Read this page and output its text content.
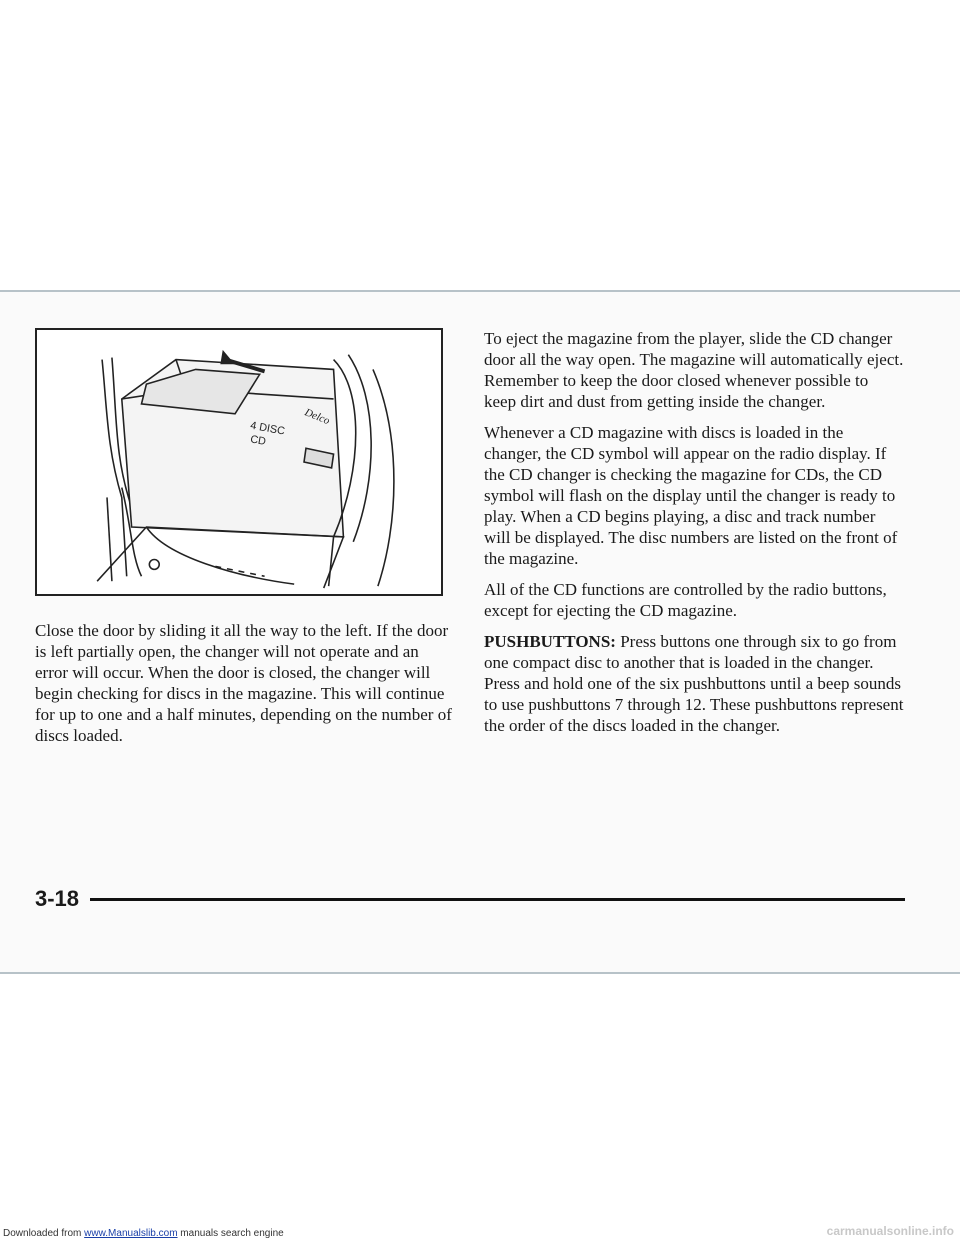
4 DISC
CD
Delco

Close the door by sliding it all the way to the left. If the door is left partially open, the changer will not operate and an error will occur. When the door is closed, the changer will begin checking for discs in the magazine. This will continue for up to one and a half minutes, depending on the number of discs loaded.

To eject the magazine from the player, slide the CD changer door all the way open. The magazine will automatically eject. Remember to keep the door closed whenever possible to keep dirt and dust from getting inside the changer.

Whenever a CD magazine with discs is loaded in the changer, the CD symbol will appear on the radio display. If the CD changer is checking the magazine for CDs, the CD symbol will flash on the display until the changer is ready to play. When a CD begins playing, a disc and track number will be displayed. The disc numbers are listed on the front of the magazine.

All of the CD functions are controlled by the radio buttons, except for ejecting the CD magazine.

PUSHBUTTONS: Press buttons one through six to go from one compact disc to another that is loaded in the changer. Press and hold one of the six pushbuttons until a beep sounds to use pushbuttons 7 through 12. These pushbuttons represent the order of the discs loaded in the changer.

3-18
Downloaded from www.Manualslib.com manuals search engine	carmanualsonline.info
